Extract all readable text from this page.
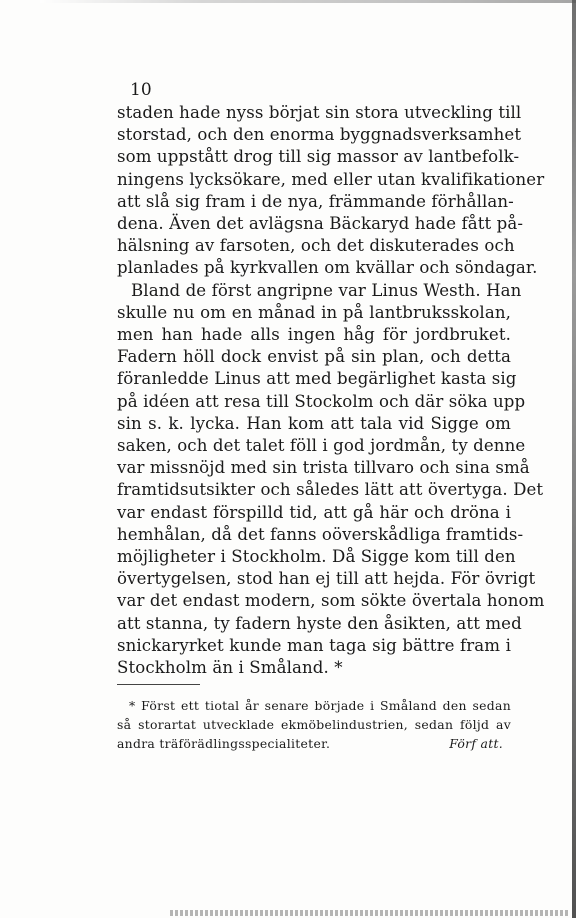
10
staden hade nyss börjat sin stora utveckling till
storstad, och den enorma byggnadsverksamhet
som uppstått drog till sig massor av lantbefolk-
ningens lycksökare, med eller utan kvalifikationer
att slå sig fram i de nya, främmande förhållan-
dena. Även det avlägsna Bäckaryd hade fått på-
hälsning av farsoten, och det diskuterades och
planlades på kyrkvallen om kvällar och söndagar.
Bland de först angripne var Linus Westh. Han
skulle nu om en månad in på lantbruksskolan,
men han hade alls ingen håg för jordbruket.
Fadern höll dock envist på sin plan, och detta
föranledde Linus att med begärlighet kasta sig
på idéen att resa till Stockolm och där söka upp
sin s. k. lycka. Han kom att tala vid Sigge om
saken, och det talet föll i god jordmån, ty denne
var missnöjd med sin trista tillvaro och sina små
framtidsutsikter och således lätt att övertyga. Det
var endast förspilld tid, att gå här och dröna i
hemhålan, då det fanns oöverskådliga framtids-
möjligheter i Stockholm. Då Sigge kom till den
övertygelsen, stod han ej till att hejda. För övrigt
var det endast modern, som sökte övertala honom
att stanna, ty fadern hyste den åsikten, att med
snickaryrket kunde man taga sig bättre fram i
Stockholm än i Småland. *
* Först ett tiotal år senare började i Småland den sedan
så storartat utvecklade ekmöbelindustrien, sedan följd av
andra träförädlingsspecialiteter.	Förf att.
